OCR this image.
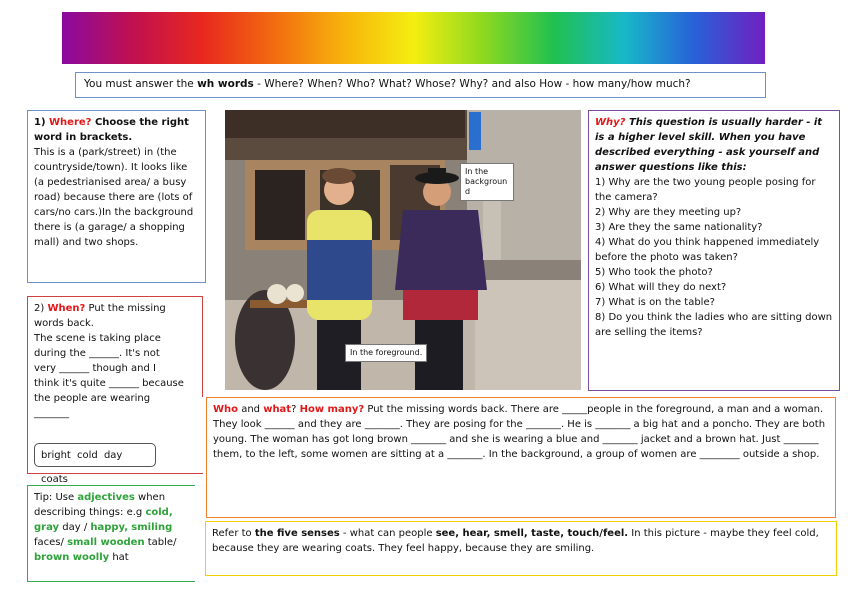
You must answer the wh words - Where? When? Who? What? Whose? Why? and also How - how many/how much?
1) Where? Choose the right word in brackets.
This is a (park/street) in (the countryside/town). It looks like (a pedestrianised area/ a busy road) because there are (lots of cars/no cars.)In the background there is (a garage/ a shopping mall) and two shops.
2) When? Put the missing words back.
The scene is taking place during the ______. It's not very ______ though and I think it's quite ______ because the people are wearing _______
bright cold day coats
Tip: Use adjectives when describing things: e.g cold, gray day / happy, smiling faces/ small wooden table/ brown woolly hat
In the backgroun d
In the foreground.
Why? This question is usually harder - it is a higher level skill. When you have described everything - ask yourself and answer questions like this:
1) Why are the two young people posing for the camera?
2) Why are they meeting up?
3) Are they the same nationality?
4) What do you think happened immediately before the photo was taken?
5) Who took the photo?
6) What will they do next?
7) What is on the table?
8) Do you think the ladies who are sitting down are selling the items?
Who and what? How many? Put the missing words back. There are _____people in the foreground, a man and a woman. They look ______ and they are _______. They are posing for the _______. He is _______ a big hat and a poncho. They are both young. The woman has got long brown _______ and she is wearing a blue and _______ jacket and a brown hat. Just _______ them, to the left, some women are sitting at a _______. In the background, a group of women are ________ outside a shop.
Refer to the five senses - what can people see, hear, smell, taste, touch/feel. In this picture - maybe they feel cold, because they are wearing coats. They feel happy, because they are smiling.
